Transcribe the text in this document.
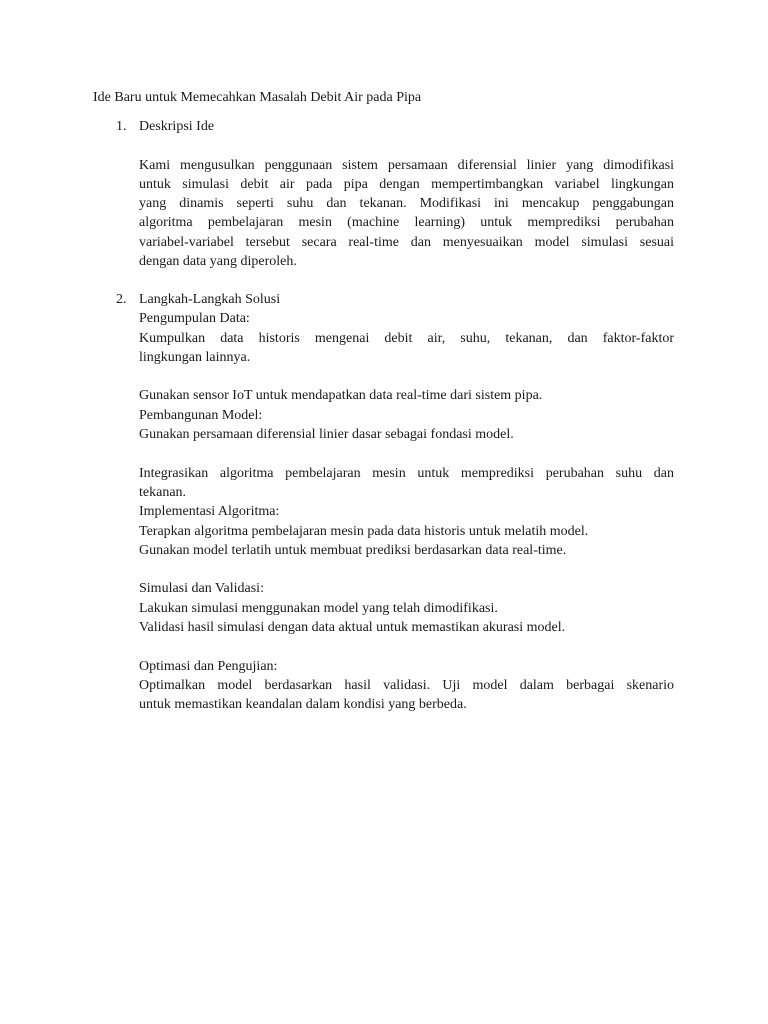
Ide Baru untuk Memecahkan Masalah Debit Air pada Pipa
1. Deskripsi Ide
Kami mengusulkan penggunaan sistem persamaan diferensial linier yang dimodifikasi
untuk simulasi debit air pada pipa dengan mempertimbangkan variabel lingkungan
yang dinamis seperti suhu dan tekanan. Modifikasi ini mencakup penggabungan
algoritma pembelajaran mesin (machine learning) untuk memprediksi perubahan
variabel-variabel tersebut secara real-time dan menyesuaikan model simulasi sesuai
dengan data yang diperoleh.
2. Langkah-Langkah Solusi
Pengumpulan Data:
Kumpulkan data historis mengenai debit air, suhu, tekanan, dan faktor-faktor
lingkungan lainnya.
Gunakan sensor IoT untuk mendapatkan data real-time dari sistem pipa.
Pembangunan Model:
Gunakan persamaan diferensial linier dasar sebagai fondasi model.
Integrasikan algoritma pembelajaran mesin untuk memprediksi perubahan suhu dan
tekanan.
Implementasi Algoritma:
Terapkan algoritma pembelajaran mesin pada data historis untuk melatih model.
Gunakan model terlatih untuk membuat prediksi berdasarkan data real-time.
Simulasi dan Validasi:
Lakukan simulasi menggunakan model yang telah dimodifikasi.
Validasi hasil simulasi dengan data aktual untuk memastikan akurasi model.
Optimasi dan Pengujian:
Optimalkan model berdasarkan hasil validasi. Uji model dalam berbagai skenario
untuk memastikan keandalan dalam kondisi yang berbeda.
